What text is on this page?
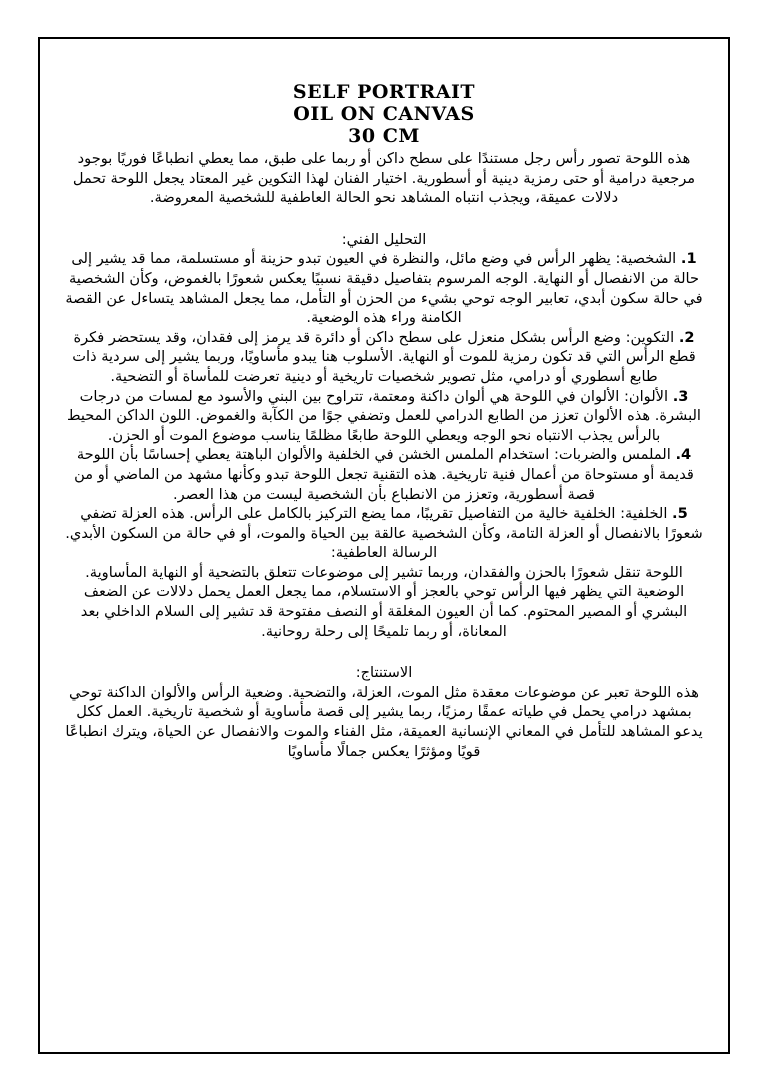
SELF PORTRAIT
OIL ON CANVAS
30 CM

هذه اللوحة تصور رأس رجل مستندًا على سطح داكن أو ربما على طبق، مما يعطي انطباعًا فوريًا بوجود مرجعية درامية أو حتى رمزية دينية أو أسطورية. اختيار الفنان لهذا التكوين غير المعتاد يجعل اللوحة تحمل دلالات عميقة، ويجذب انتباه المشاهد نحو الحالة العاطفية للشخصية المعروضة.

التحليل الفني:

1. الشخصية: يظهر الرأس في وضع مائل، والنظرة في العيون تبدو حزينة أو مستسلمة، مما قد يشير إلى حالة من الانفصال أو النهاية. الوجه المرسوم بتفاصيل دقيقة نسبيًا يعكس شعورًا بالغموض، وكأن الشخصية في حالة سكون أبدي، تعابير الوجه توحي بشيء من الحزن أو التأمل، مما يجعل المشاهد يتساءل عن القصة الكامنة وراء هذه الوضعية.

2. التكوين: وضع الرأس بشكل منعزل على سطح داكن أو دائرة قد يرمز إلى فقدان، وقد يستحضر فكرة قطع الرأس التي قد تكون رمزية للموت أو النهاية. الأسلوب هنا يبدو مأساويًا، وربما يشير إلى سردية ذات طابع أسطوري أو درامي، مثل تصوير شخصيات تاريخية أو دينية تعرضت للمأساة أو التضحية.

3. الألوان: الألوان في اللوحة هي ألوان داكنة ومعتمة، تتراوح بين البني والأسود مع لمسات من درجات البشرة. هذه الألوان تعزز من الطابع الدرامي للعمل وتضفي جوًا من الكآبة والغموض. اللون الداكن المحيط بالرأس يجذب الانتباه نحو الوجه ويعطي اللوحة طابعًا مظلمًا يناسب موضوع الموت أو الحزن.

4. الملمس والضربات: استخدام الملمس الخشن في الخلفية والألوان الباهتة يعطي إحساسًا بأن اللوحة قديمة أو مستوحاة من أعمال فنية تاريخية. هذه التقنية تجعل اللوحة تبدو وكأنها مشهد من الماضي أو من قصة أسطورية، وتعزز من الانطباع بأن الشخصية ليست من هذا العصر.

5. الخلفية: الخلفية خالية من التفاصيل تقريبًا، مما يضع التركيز بالكامل على الرأس. هذه العزلة تضفي شعورًا بالانفصال أو العزلة التامة، وكأن الشخصية عالقة بين الحياة والموت، أو في حالة من السكون الأبدي.

الرسالة العاطفية:

اللوحة تنقل شعورًا بالحزن والفقدان، وربما تشير إلى موضوعات تتعلق بالتضحية أو النهاية المأساوية. الوضعية التي يظهر فيها الرأس توحي بالعجز أو الاستسلام، مما يجعل العمل يحمل دلالات عن الضعف البشري أو المصير المحتوم. كما أن العيون المغلقة أو النصف مفتوحة قد تشير إلى السلام الداخلي بعد المعاناة، أو ربما تلميحًا إلى رحلة روحانية.

الاستنتاج:

هذه اللوحة تعبر عن موضوعات معقدة مثل الموت، العزلة، والتضحية. وضعية الرأس والألوان الداكنة توحي بمشهد درامي يحمل في طياته عمقًا رمزيًا، ربما يشير إلى قصة مأساوية أو شخصية تاريخية. العمل ككل يدعو المشاهد للتأمل في المعاني الإنسانية العميقة، مثل الفناء والموت والانفصال عن الحياة، ويترك انطباعًا قويًا ومؤثرًا يعكس جمالًا مأساويًا
